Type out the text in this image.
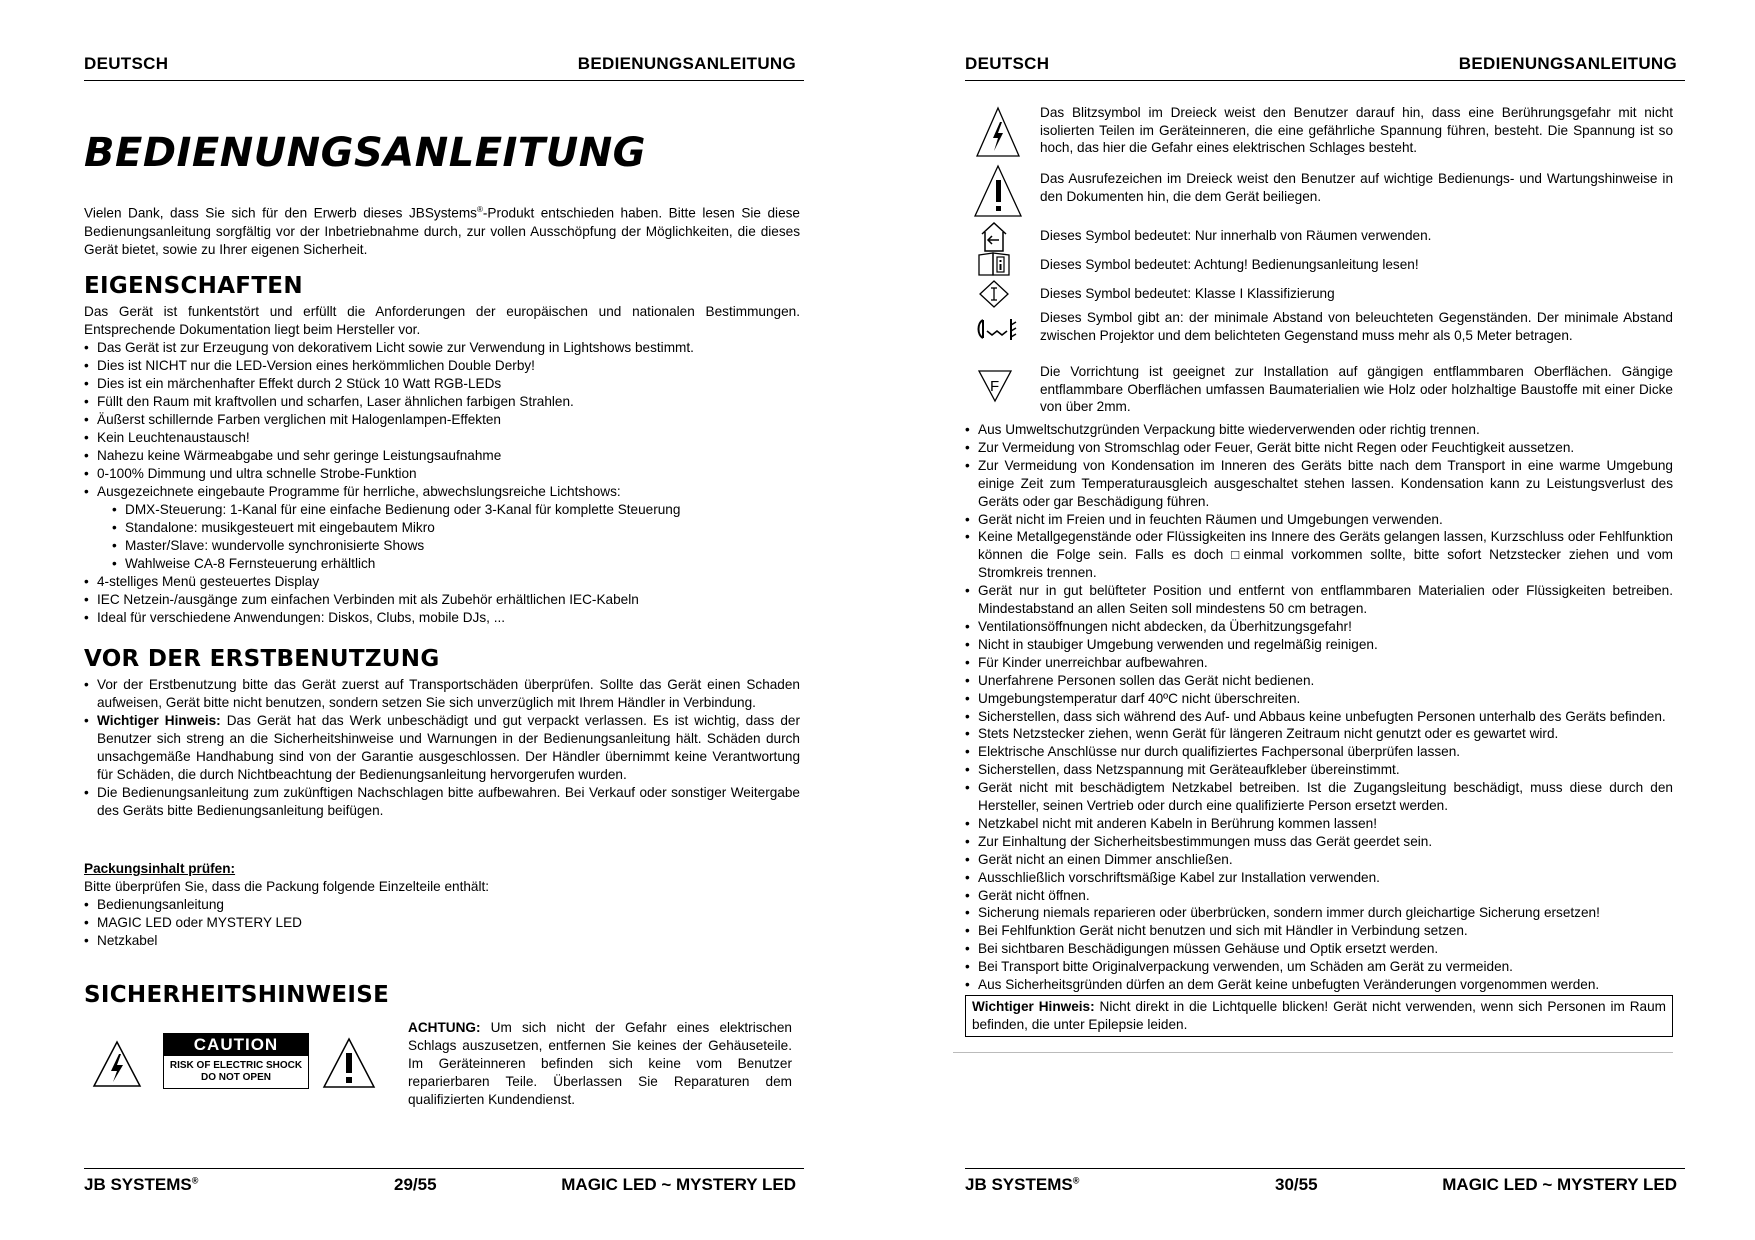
DEUTSCH	BEDIENUNGSANLEITUNG
BEDIENUNGSANLEITUNG

Vielen Dank, dass Sie sich für den Erwerb dieses JBSystems®-Produkt entschieden haben. Bitte lesen Sie diese Bedienungsanleitung sorgfältig vor der Inbetriebnahme durch, zur vollen Ausschöpfung der Möglichkeiten, die dieses Gerät bietet, sowie zu Ihrer eigenen Sicherheit.

EIGENSCHAFTEN

Das Gerät ist funkentstört und erfüllt die Anforderungen der europäischen und nationalen Bestimmungen. Entsprechende Dokumentation liegt beim Hersteller vor.

• Das Gerät ist zur Erzeugung von dekorativem Licht sowie zur Verwendung in Lightshows bestimmt.
• Dies ist NICHT nur die LED-Version eines herkömmlichen Double Derby!
• Dies ist ein märchenhafter Effekt durch 2 Stück 10 Watt RGB-LEDs
• Füllt den Raum mit kraftvollen und scharfen, Laser ähnlichen farbigen Strahlen.
• Äußerst schillernde Farben verglichen mit Halogenlampen-Effekten
• Kein Leuchtenaustausch!
• Nahezu keine Wärmeabgabe und sehr geringe Leistungsaufnahme
• 0-100% Dimmung und ultra schnelle Strobe-Funktion
• Ausgezeichnete eingebaute Programme für herrliche, abwechslungsreiche Lichtshows:
• DMX-Steuerung: 1-Kanal für eine einfache Bedienung oder 3-Kanal für komplette Steuerung
• Standalone: musikgesteuert mit eingebautem Mikro
• Master/Slave: wundervolle synchronisierte Shows
• Wahlweise CA-8 Fernsteuerung erhältlich
• 4-stelliges Menü gesteuertes Display
• IEC Netzein-/ausgänge zum einfachen Verbinden mit als Zubehör erhältlichen IEC-Kabeln
• Ideal für verschiedene Anwendungen: Diskos, Clubs, mobile DJs, ...
VOR DER ERSTBENUTZUNG
• Vor der Erstbenutzung bitte das Gerät zuerst auf Transportschäden überprüfen. Sollte das Gerät einen Schaden aufweisen, Gerät bitte nicht benutzen, sondern setzen Sie sich unverzüglich mit Ihrem Händler in Verbindung.
• Wichtiger Hinweis: Das Gerät hat das Werk unbeschädigt und gut verpackt verlassen. Es ist wichtig, dass der Benutzer sich streng an die Sicherheitshinweise und Warnungen in der Bedienungsanleitung hält. Schäden durch unsachgemäße Handhabung sind von der Garantie ausgeschlossen. Der Händler übernimmt keine Verantwortung für Schäden, die durch Nichtbeachtung der Bedienungsanleitung hervorgerufen wurden.
• Die Bedienungsanleitung zum zukünftigen Nachschlagen bitte aufbewahren. Bei Verkauf oder sonstiger Weitergabe des Geräts bitte Bedienungsanleitung beifügen.

Packungsinhalt prüfen:

Bitte überprüfen Sie, dass die Packung folgende Einzelteile enthält:

• Bedienungsanleitung
• MAGIC LED oder MYSTERY LED
• Netzkabel
SICHERHEITSHINWEISE
CAUTION
RISK OF ELECTRIC SHOCK
DO NOT OPEN

ACHTUNG: Um sich nicht der Gefahr eines elektrischen Schlags auszusetzen, entfernen Sie keines der Gehäuseteile. Im Geräteinneren befinden sich keine vom Benutzer reparierbaren Teile. Überlassen Sie Reparaturen dem qualifizierten Kundendienst.

JB SYSTEMS®	29/55	MAGIC LED ~ MYSTERY LED
DEUTSCH	BEDIENUNGSANLEITUNG

Das Blitzsymbol im Dreieck weist den Benutzer darauf hin, dass eine Berührungsgefahr mit nicht isolierten Teilen im Geräteinneren, die eine gefährliche Spannung führen, besteht. Die Spannung ist so hoch, das hier die Gefahr eines elektrischen Schlages besteht.

Das Ausrufezeichen im Dreieck weist den Benutzer auf wichtige Bedienungs- und Wartungshinweise in den Dokumenten hin, die dem Gerät beiliegen.

Dieses Symbol bedeutet: Nur innerhalb von Räumen verwenden.

Dieses Symbol bedeutet: Achtung! Bedienungsanleitung lesen!

Dieses Symbol bedeutet: Klasse I Klassifizierung

Dieses Symbol gibt an: der minimale Abstand von beleuchteten Gegenständen. Der minimale Abstand zwischen Projektor und dem belichteten Gegenstand muss mehr als 0,5 Meter betragen.

F

Die Vorrichtung ist geeignet zur Installation auf gängigen entflammbaren Oberflächen. Gängige entflammbare Oberflächen umfassen Baumaterialien wie Holz oder holzhaltige Baustoffe mit einer Dicke von über 2mm.

• Aus Umweltschutzgründen Verpackung bitte wiederverwenden oder richtig trennen.
• Zur Vermeidung von Stromschlag oder Feuer, Gerät bitte nicht Regen oder Feuchtigkeit aussetzen.
• Zur Vermeidung von Kondensation im Inneren des Geräts bitte nach dem Transport in eine warme Umgebung einige Zeit zum Temperaturausgleich ausgeschaltet stehen lassen. Kondensation kann zu Leistungsverlust des Geräts oder gar Beschädigung führen.
• Gerät nicht im Freien und in feuchten Räumen und Umgebungen verwenden.
• Keine Metallgegenstände oder Flüssigkeiten ins Innere des Geräts gelangen lassen, Kurzschluss oder Fehlfunktion können die Folge sein. Falls es doch □einmal vorkommen sollte, bitte sofort Netzstecker ziehen und vom Stromkreis trennen.
• Gerät nur in gut belüfteter Position und entfernt von entflammbaren Materialien oder Flüssigkeiten betreiben. Mindestabstand an allen Seiten soll mindestens 50 cm betragen.
• Ventilationsöffnungen nicht abdecken, da Überhitzungsgefahr!
• Nicht in staubiger Umgebung verwenden und regelmäßig reinigen.
• Für Kinder unerreichbar aufbewahren.
• Unerfahrene Personen sollen das Gerät nicht bedienen.
• Umgebungstemperatur darf 40ºC nicht überschreiten.
• Sicherstellen, dass sich während des Auf- und Abbaus keine unbefugten Personen unterhalb des Geräts befinden.
• Stets Netzstecker ziehen, wenn Gerät für längeren Zeitraum nicht genutzt oder es gewartet wird.
• Elektrische Anschlüsse nur durch qualifiziertes Fachpersonal überprüfen lassen.
• Sicherstellen, dass Netzspannung mit Geräteaufkleber übereinstimmt.
• Gerät nicht mit beschädigtem Netzkabel betreiben. Ist die Zugangsleitung beschädigt, muss diese durch den Hersteller, seinen Vertrieb oder durch eine qualifizierte Person ersetzt werden.
• Netzkabel nicht mit anderen Kabeln in Berührung kommen lassen!
• Zur Einhaltung der Sicherheitsbestimmungen muss das Gerät geerdet sein.
• Gerät nicht an einen Dimmer anschließen.
• Ausschließlich vorschriftsmäßige Kabel zur Installation verwenden.
• Gerät nicht öffnen.
• Sicherung niemals reparieren oder überbrücken, sondern immer durch gleichartige Sicherung ersetzen!
• Bei Fehlfunktion Gerät nicht benutzen und sich mit Händler in Verbindung setzen.
• Bei sichtbaren Beschädigungen müssen Gehäuse und Optik ersetzt werden.
• Bei Transport bitte Originalverpackung verwenden, um Schäden am Gerät zu vermeiden.
• Aus Sicherheitsgründen dürfen an dem Gerät keine unbefugten Veränderungen vorgenommen werden.
Wichtiger Hinweis: Nicht direkt in die Lichtquelle blicken! Gerät nicht verwenden, wenn sich Personen im Raum befinden, die unter Epilepsie leiden.
JB SYSTEMS®	30/55	MAGIC LED ~ MYSTERY LED
